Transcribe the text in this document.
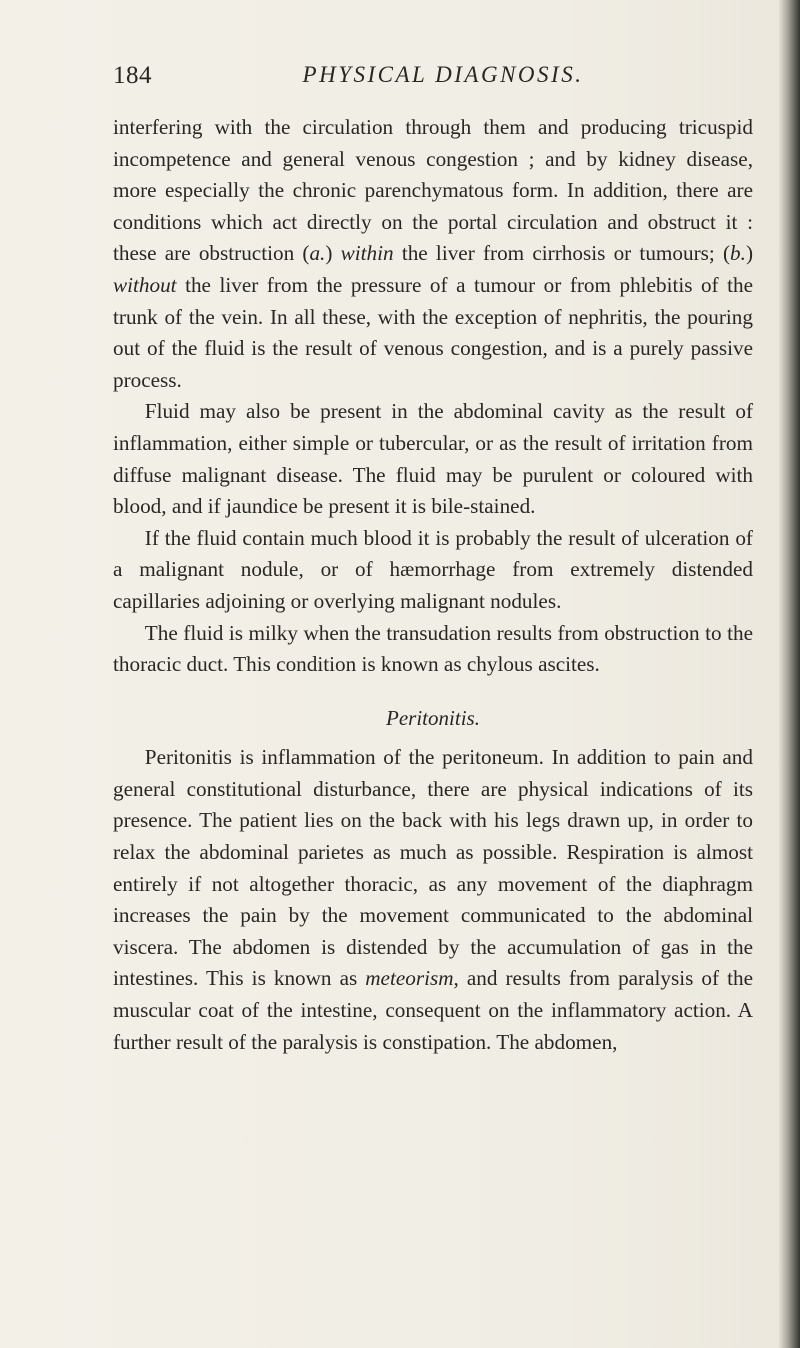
184	PHYSICAL DIAGNOSIS.

interfering with the circulation through them and producing tricuspid incompetence and general venous congestion ; and by kidney disease, more especially the chronic parenchymatous form. In addition, there are conditions which act directly on the portal circulation and obstruct it : these are obstruction (a.) within the liver from cirrhosis or tumours; (b.) without the liver from the pressure of a tumour or from phlebitis of the trunk of the vein. In all these, with the exception of nephritis, the pouring out of the fluid is the result of venous congestion, and is a purely passive process.

Fluid may also be present in the abdominal cavity as the result of inflammation, either simple or tubercular, or as the result of irritation from diffuse malignant disease. The fluid may be purulent or coloured with blood, and if jaundice be present it is bile-stained.

If the fluid contain much blood it is probably the result of ulceration of a malignant nodule, or of hæmorrhage from extremely distended capillaries adjoining or overlying malignant nodules.

The fluid is milky when the transudation results from obstruction to the thoracic duct. This condition is known as chylous ascites.

Peritonitis.

Peritonitis is inflammation of the peritoneum. In addition to pain and general constitutional disturbance, there are physical indications of its presence. The patient lies on the back with his legs drawn up, in order to relax the abdominal parietes as much as possible. Respiration is almost entirely if not altogether thoracic, as any movement of the diaphragm increases the pain by the movement communicated to the abdominal viscera. The abdomen is distended by the accumulation of gas in the intestines. This is known as meteorism, and results from paralysis of the muscular coat of the intestine, consequent on the inflammatory action. A further result of the paralysis is constipation. The abdomen,
